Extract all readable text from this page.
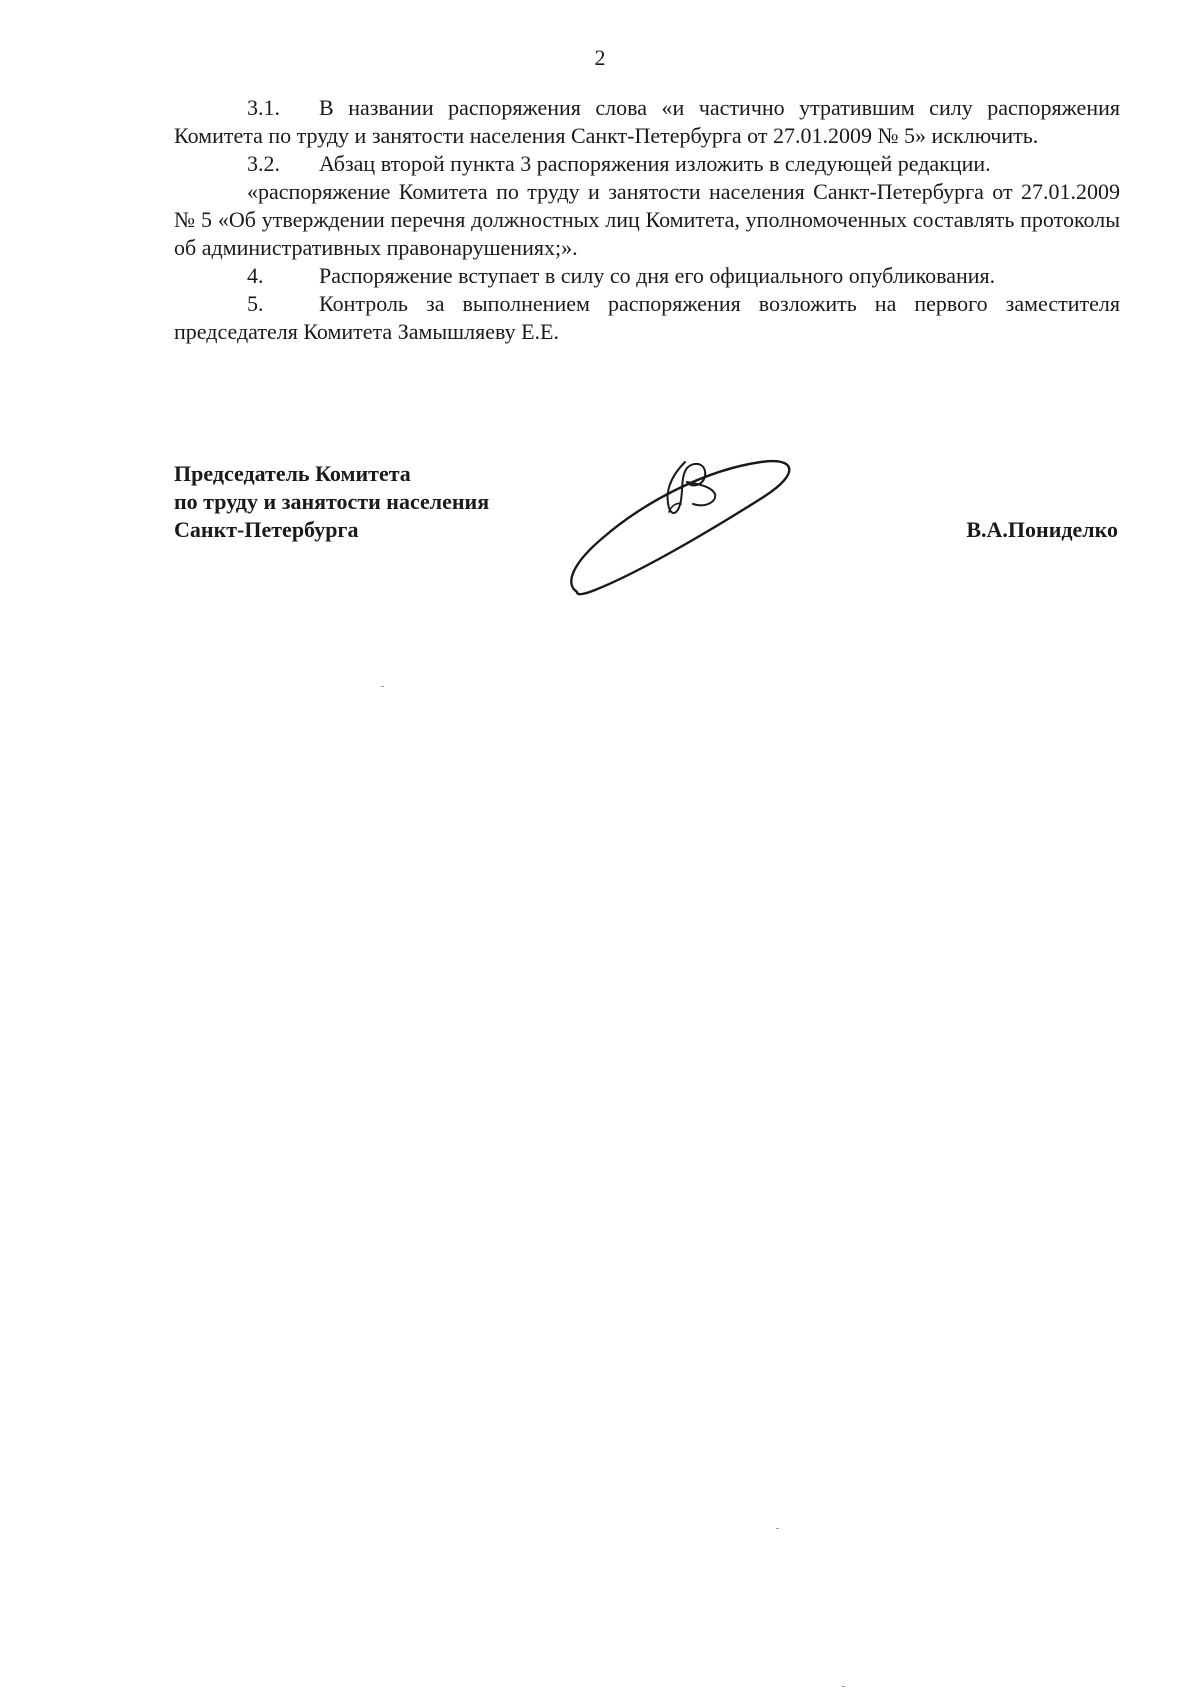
2

3.1. В названии распоряжения слова «и частично утратившим силу распоряжения Комитета по труду и занятости населения Санкт-Петербурга от 27.01.2009 № 5» исключить.

3.2. Абзац второй пункта 3 распоряжения изложить в следующей редакции.

«распоряжение Комитета по труду и занятости населения Санкт-Петербурга от 27.01.2009 № 5 «Об утверждении перечня должностных лиц Комитета, уполномоченных составлять протоколы об административных правонарушениях;».

4.	Распоряжение вступает в силу со дня его официального опубликования.

5.	Контроль за выполнением распоряжения возложить на первого заместителя председателя Комитета Замышляеву Е.Е.

Председатель Комитета
по труду и занятости населения
Санкт-Петербурга	В.А.Пониделко
